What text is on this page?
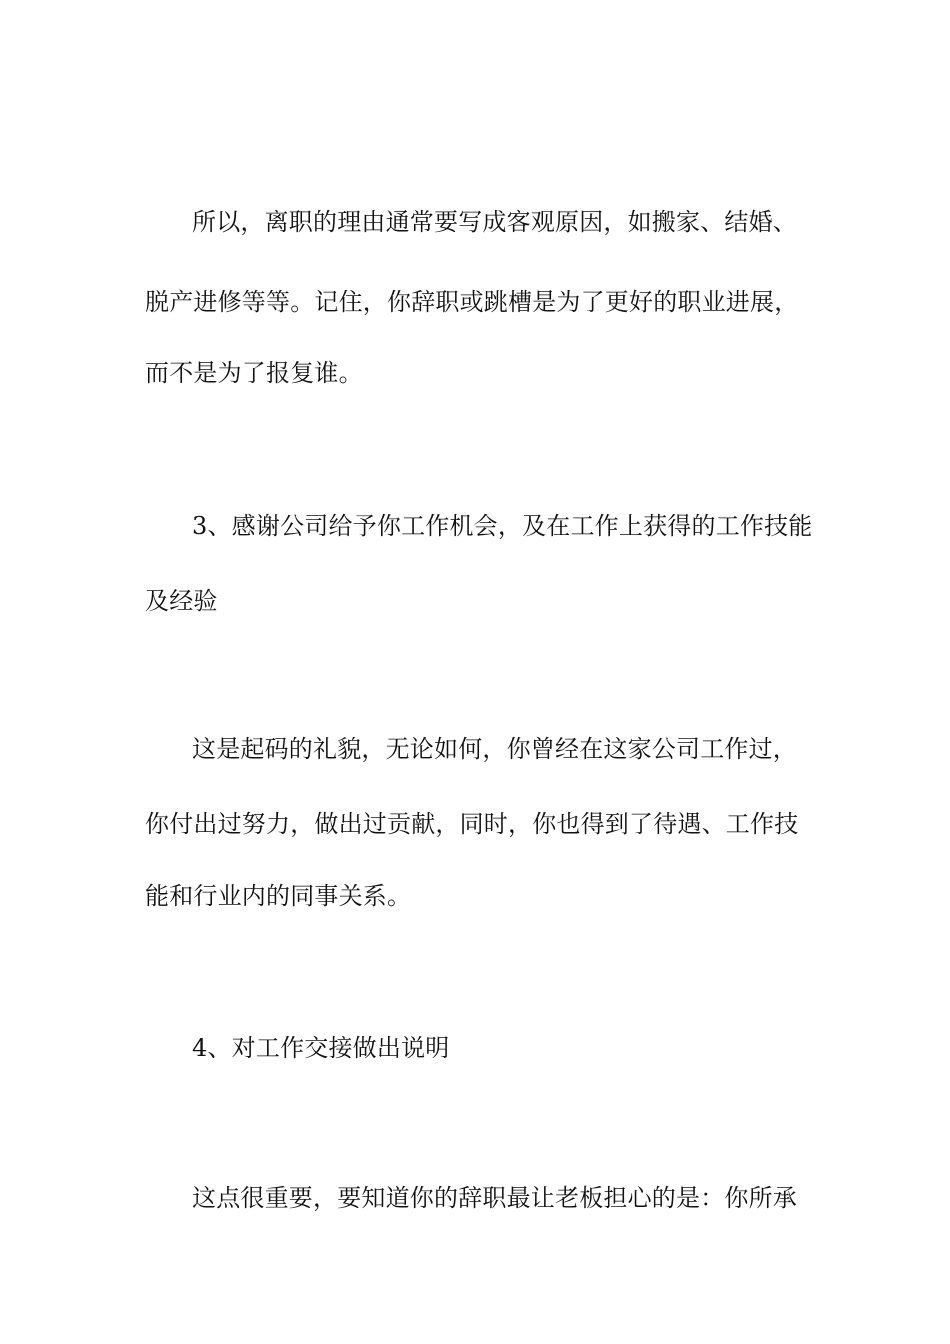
所以，离职的理由通常要写成客观原因，如搬家、结婚、
脱产进修等等。记住，你辞职或跳槽是为了更好的职业进展，
而不是为了报复谁。
3、感谢公司给予你工作机会，及在工作上获得的工作技能
及经验
这是起码的礼貌，无论如何，你曾经在这家公司工作过，
你付出过努力，做出过贡献，同时，你也得到了待遇、工作技
能和行业内的同事关系。
4、对工作交接做出说明
这点很重要，要知道你的辞职最让老板担心的是：你所承
